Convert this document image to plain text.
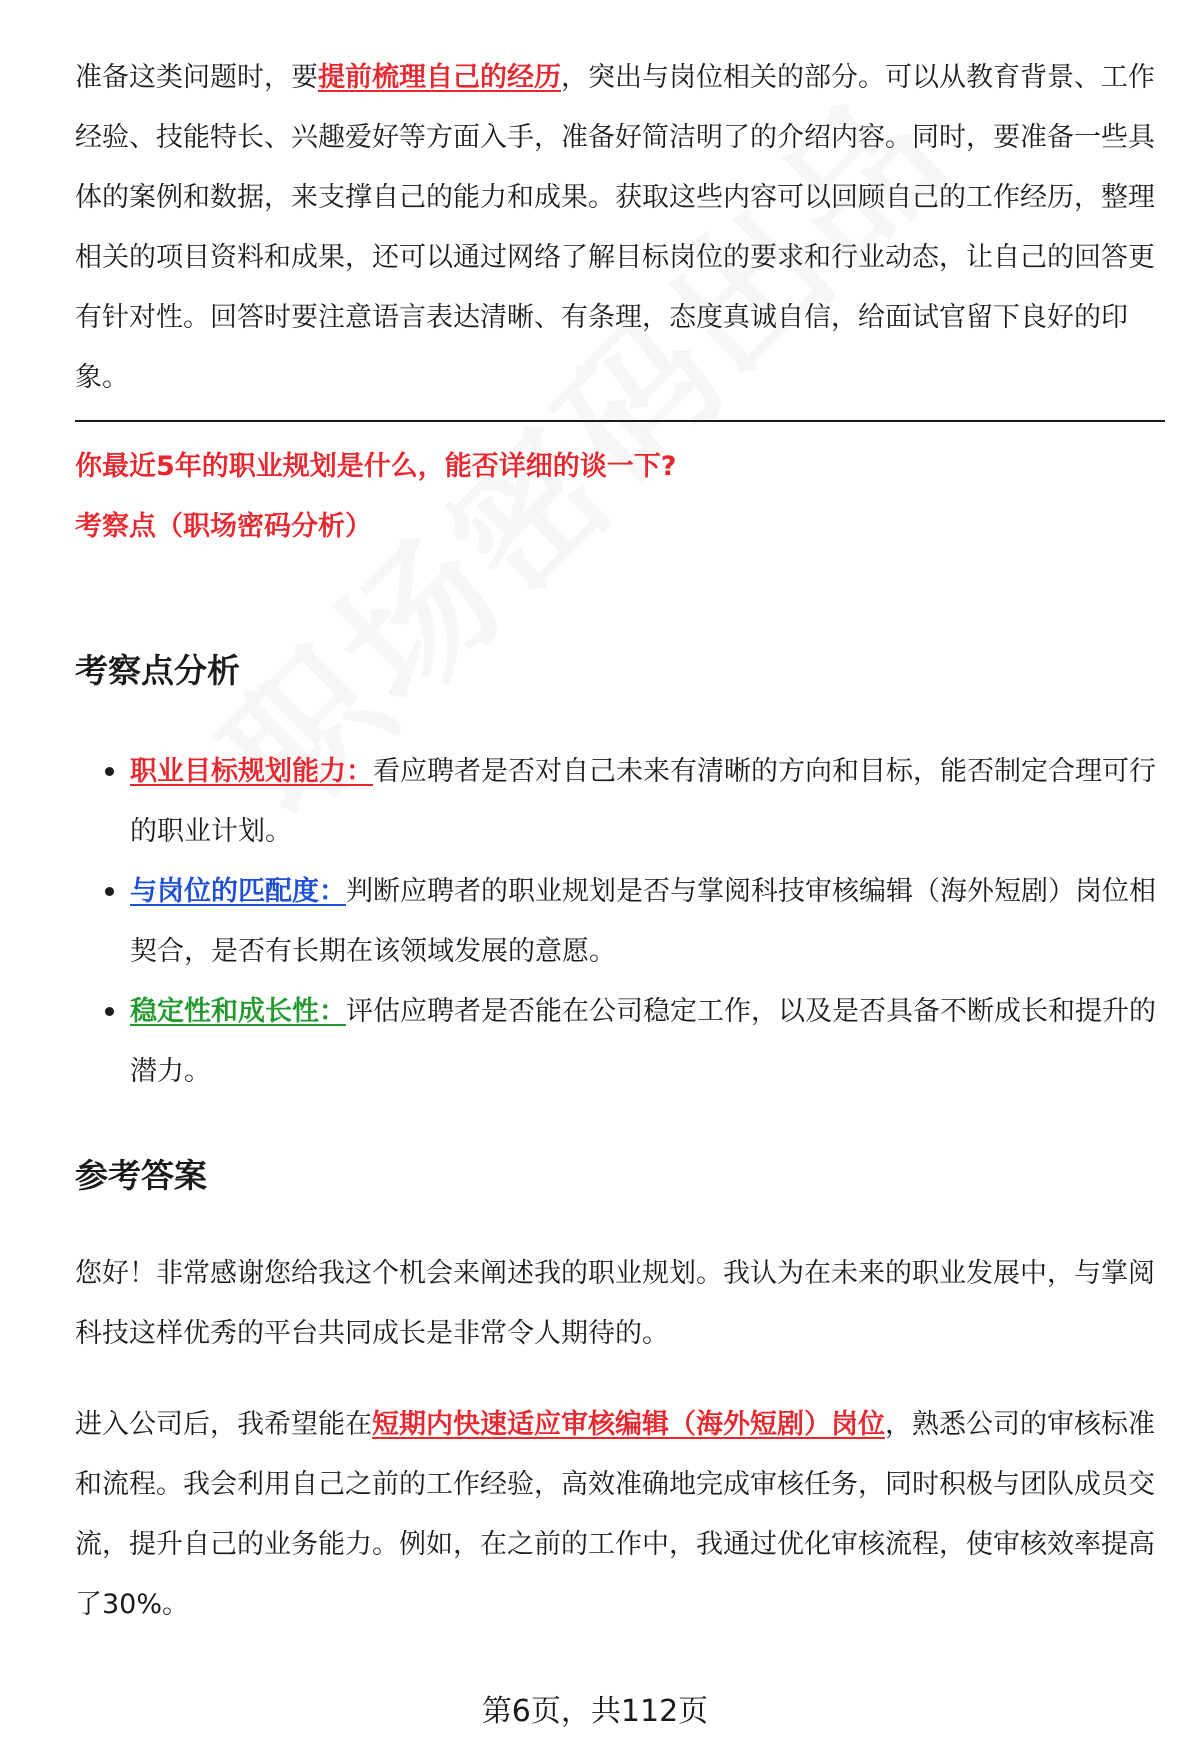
准备这类问题时，要提前梳理自己的经历，突出与岗位相关的部分。可以从教育背景、工作经验、技能特长、兴趣爱好等方面入手，准备好简洁明了的介绍内容。同时，要准备一些具体的案例和数据，来支撑自己的能力和成果。获取这些内容可以回顾自己的工作经历，整理相关的项目资料和成果，还可以通过网络了解目标岗位的要求和行业动态，让自己的回答更有针对性。回答时要注意语言表达清晰、有条理，态度真诚自信，给面试官留下良好的印象。

你最近5年的职业规划是什么，能否详细的谈一下?
考察点（职场密码分析）
考察点分析
职业目标规划能力：看应聘者是否对自己未来有清晰的方向和目标，能否制定合理可行的职业计划。
与岗位的匹配度：判断应聘者的职业规划是否与掌阅科技审核编辑（海外短剧）岗位相契合，是否有长期在该领域发展的意愿。
稳定性和成长性：评估应聘者是否能在公司稳定工作，以及是否具备不断成长和提升的潜力。
参考答案

您好！非常感谢您给我这个机会来阐述我的职业规划。我认为在未来的职业发展中，与掌阅科技这样优秀的平台共同成长是非常令人期待的。

进入公司后，我希望能在短期内快速适应审核编辑（海外短剧）岗位，熟悉公司的审核标准和流程。我会利用自己之前的工作经验，高效准确地完成审核任务，同时积极与团队成员交流，提升自己的业务能力。例如，在之前的工作中，我通过优化审核流程，使审核效率提高了30%。

第6页，共112页
